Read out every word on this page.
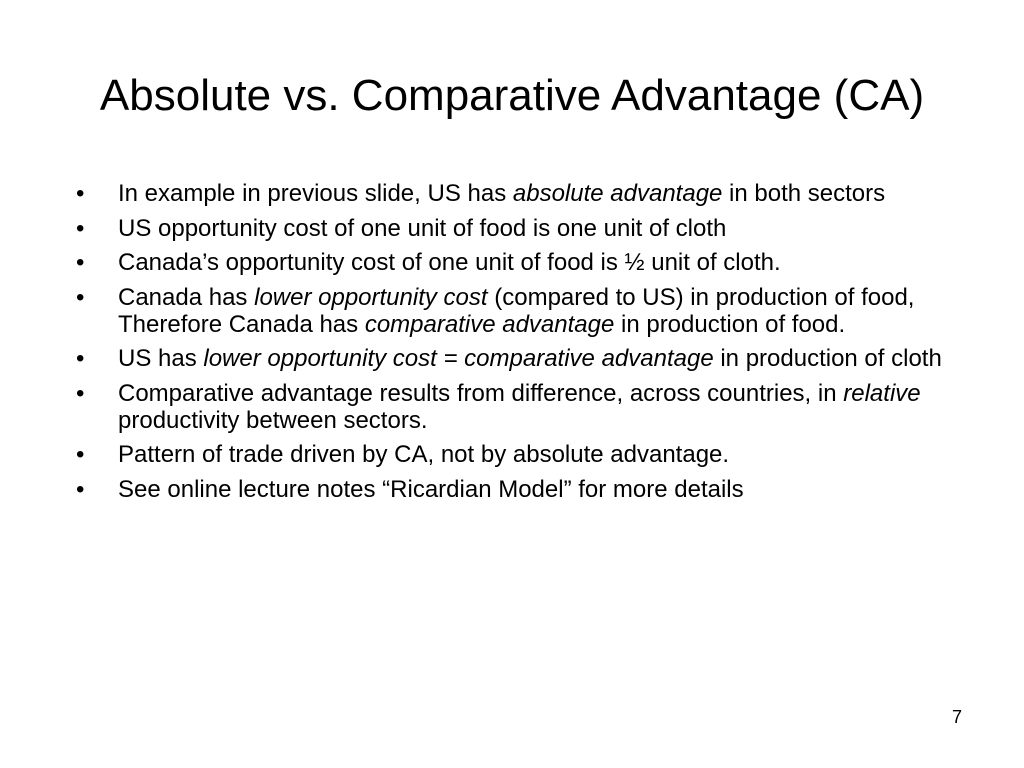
Absolute vs. Comparative Advantage (CA)
•	In example in previous slide, US has absolute advantage in both sectors
•	US opportunity cost of one unit of food is one unit of cloth
•	Canada’s opportunity cost of one unit of food is ½ unit of cloth.
•	Canada has lower opportunity cost (compared to US) in production of food, Therefore Canada has comparative advantage in production of food.
•	US has lower opportunity cost = comparative advantage in production of cloth
•	Comparative advantage results from difference, across countries, in relative productivity between sectors.
•	Pattern of trade driven by CA, not by absolute advantage.
•	See online lecture notes “Ricardian Model” for more details
7
